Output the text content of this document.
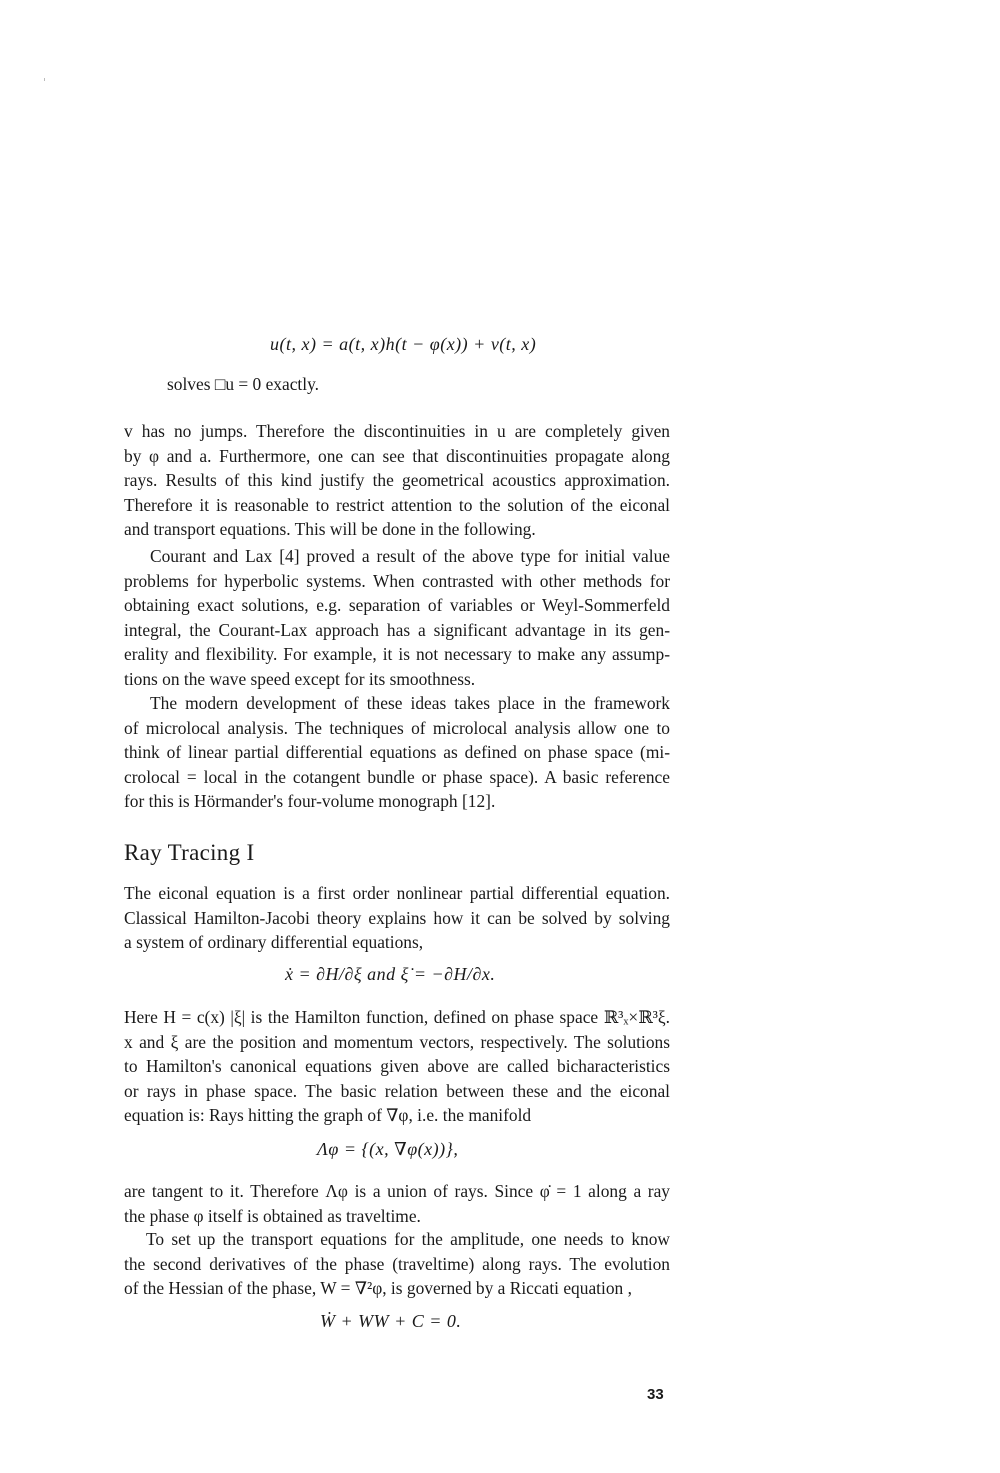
u(t, x) = a(t, x)h(t − φ(x)) + v(t, x)
solves □u = 0 exactly.
v has no jumps. Therefore the discontinuities in u are completely given
by φ and a. Furthermore, one can see that discontinuities propagate along
rays. Results of this kind justify the geometrical acoustics approximation.
Therefore it is reasonable to restrict attention to the solution of the eiconal
and transport equations. This will be done in the following.
Courant and Lax [4] proved a result of the above type for initial value
problems for hyperbolic systems. When contrasted with other methods for
obtaining exact solutions, e.g. separation of variables or Weyl-Sommerfeld
integral, the Courant-Lax approach has a significant advantage in its gen-
erality and flexibility. For example, it is not necessary to make any assump-
tions on the wave speed except for its smoothness.
The modern development of these ideas takes place in the framework
of microlocal analysis. The techniques of microlocal analysis allow one to
think of linear partial differential equations as defined on phase space (mi-
crolocal = local in the cotangent bundle or phase space). A basic reference
for this is Hörmander's four-volume monograph [12].
Ray Tracing I
The eiconal equation is a first order nonlinear partial differential equation.
Classical Hamilton-Jacobi theory explains how it can be solved by solving
a system of ordinary differential equations,
ẋ = ∂H/∂ξ and ξ̇ = −∂H/∂x.
Here H = c(x) |ξ| is the Hamilton function, defined on phase space ℝ³ₓ×ℝ³ξ.
x and ξ are the position and momentum vectors, respectively. The solutions
to Hamilton's canonical equations given above are called bicharacteristics
or rays in phase space. The basic relation between these and the eiconal
equation is: Rays hitting the graph of ∇φ, i.e. the manifold
Λφ = {(x, ∇φ(x))},
are tangent to it. Therefore Λφ is a union of rays. Since φ̇ = 1 along a ray
the phase φ itself is obtained as traveltime.
To set up the transport equations for the amplitude, one needs to know
the second derivatives of the phase (traveltime) along rays. The evolution
of the Hessian of the phase, W = ∇²φ, is governed by a Riccati equation ,
Ẇ + WW + C = 0.
33
